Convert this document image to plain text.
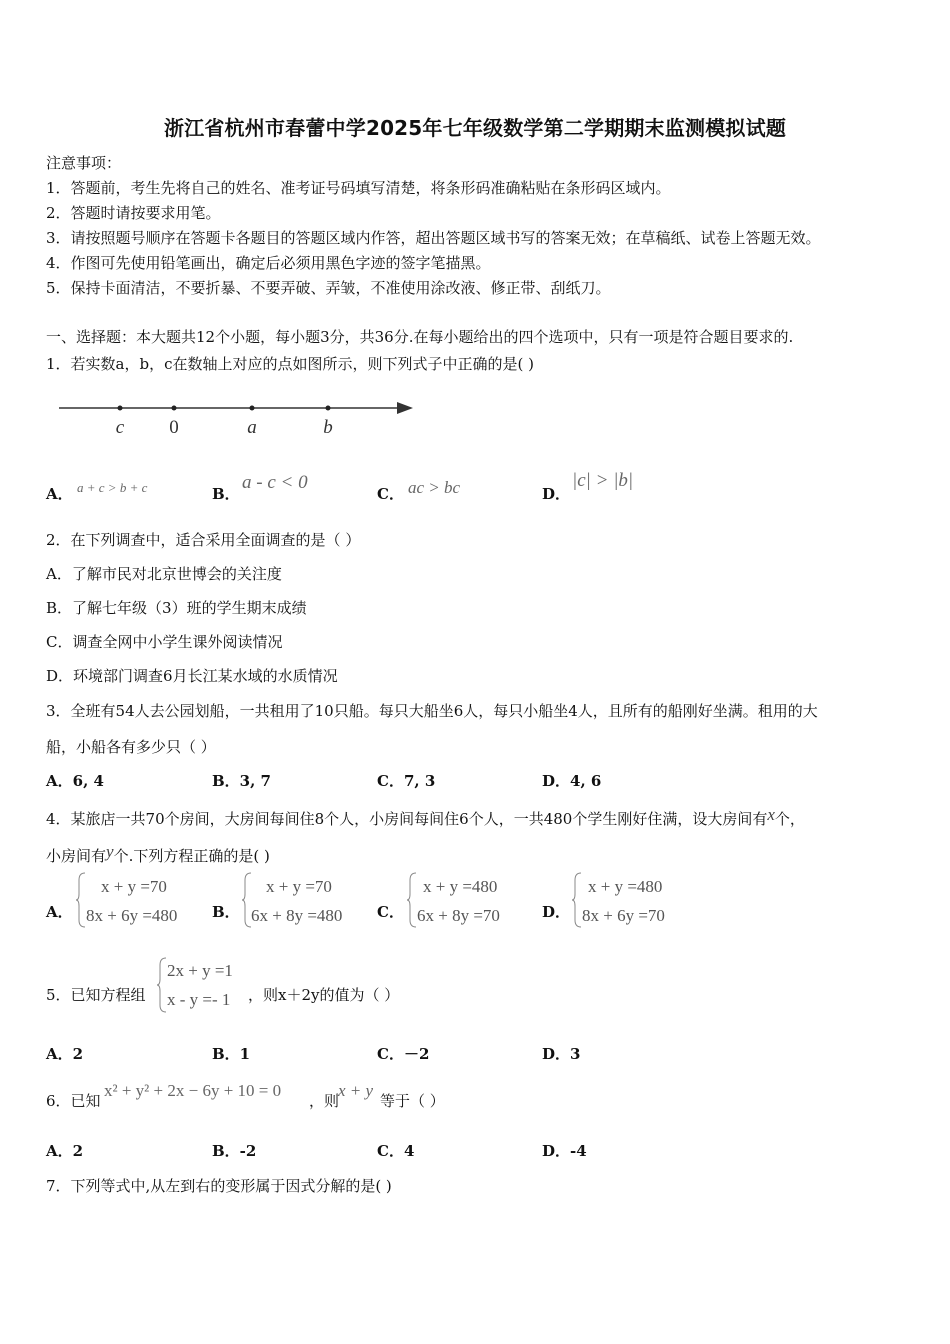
浙江省杭州市春蕾中学2025年七年级数学第二学期期末监测模拟试题
注意事项：
1．答题前，考生先将自己的姓名、准考证号码填写清楚，将条形码准确粘贴在条形码区域内。
2．答题时请按要求用笔。
3．请按照题号顺序在答题卡各题目的答题区域内作答，超出答题区域书写的答案无效；在草稿纸、试卷上答题无效。
4．作图可先使用铅笔画出，确定后必须用黑色字迹的签字笔描黑。
5．保持卡面清洁，不要折暴、不要弄破、弄皱，不准使用涂改液、修正带、刮纸刀。
一、选择题：本大题共12个小题，每小题3分，共36分.在每小题给出的四个选项中，只有一项是符合题目要求的.
1．若实数a，b，c在数轴上对应的点如图所示，则下列式子中正确的是( )
c 0	a	b
A． a + c > b + c	B．
a - c < 0
C． ac > bc	D．
|c| > |b|
2．在下列调查中，适合采用全面调查的是（ ）
A．了解市民对北京世博会的关注度
B．了解七年级（3）班的学生期末成绩
C．调查全网中小学生课外阅读情况
D．环境部门调查6月长江某水域的水质情况
3．全班有54人去公园划船，一共租用了10只船。每只大船坐6人，每只小船坐4人，且所有的船刚好坐满。租用的大
船，小船各有多少只（ ）
A．6, 4	B．3, 7	C．7, 3	D．4, 6
4．某旅店一共70个房间，大房间每间住8个人，小房间每间住6个人，一共480个学生刚好住满，设大房间有x个，
小房间有y个.下列方程正确的是( )
A．
x + y =70
8x + 6y =480 B．
x + y =70
6x + 8y =480 C．
x + y =480
6x + 8y =70	D．
x + y =480
8x + 6y =70
5．已知方程组
2x + y =1
x - y =- 1 ，则x＋2y的值为（ ）
A．2	B．1	C．－2	D．3
6．已知
x² + y² + 2x − 6y + 10 = 0
，则
x + y
等于（ ）
A．2	B．-2	C．4	D．-4
7．下列等式中,从左到右的变形属于因式分解的是( )
